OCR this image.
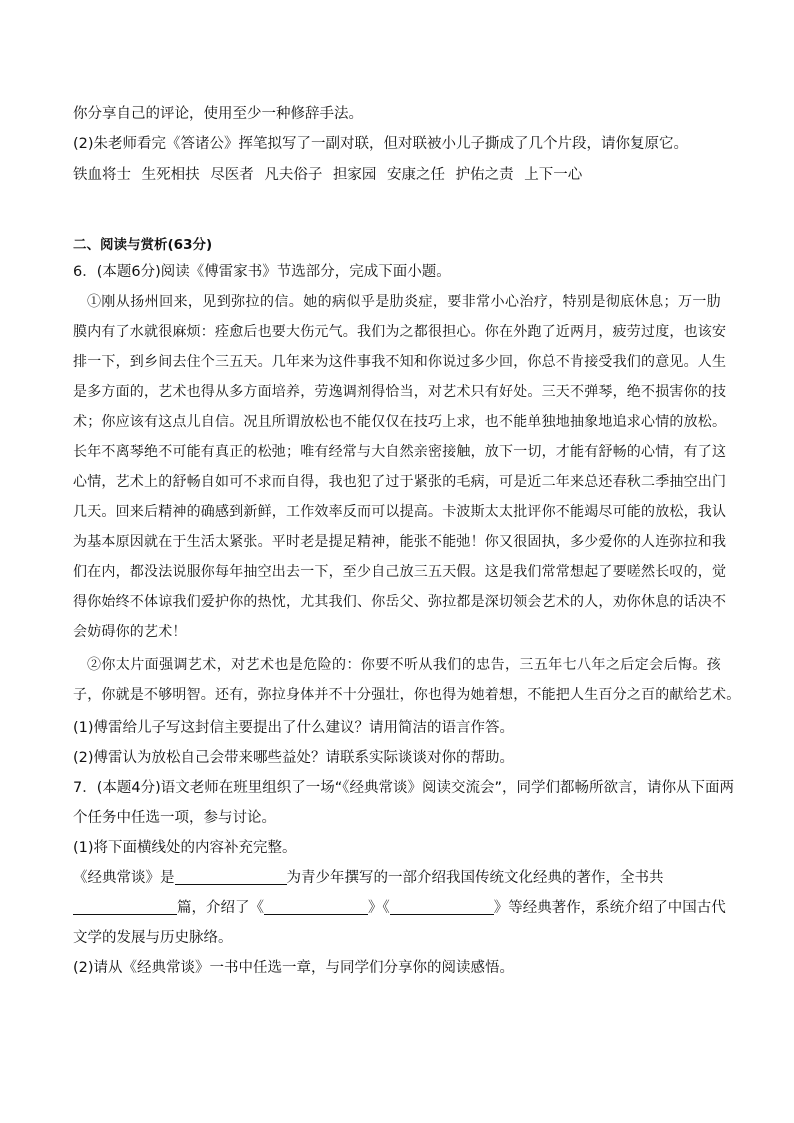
你分享自己的评论，使用至少一种修辞手法。
(2)朱老师看完《答诸公》挥笔拟写了一副对联，但对联被小儿子撕成了几个片段，请你复原它。
铁血将士 生死相扶 尽医者 凡夫俗子 担家园 安康之任 护佑之责 上下一心
二、阅读与赏析(63分)
6．(本题6分)阅读《傅雷家书》节选部分，完成下面小题。
①刚从扬州回来，见到弥拉的信。她的病似乎是肋炎症，要非常小心治疗，特别是彻底休息；万一肋
膜内有了水就很麻烦：痊愈后也要大伤元气。我们为之都很担心。你在外跑了近两月，疲劳过度，也该安
排一下，到乡间去住个三五天。几年来为这件事我不知和你说过多少回，你总不肯接受我们的意见。人生
是多方面的，艺术也得从多方面培养，劳逸调剂得恰当，对艺术只有好处。三天不弹琴，绝不损害你的技
术；你应该有这点儿自信。况且所谓放松也不能仅仅在技巧上求，也不能单独地抽象地追求心情的放松。
长年不离琴绝不可能有真正的松弛；唯有经常与大自然亲密接触，放下一切，才能有舒畅的心情，有了这
心情，艺术上的舒畅自如可不求而自得，我也犯了过于紧张的毛病，可是近二年来总还春秋二季抽空出门
几天。回来后精神的确感到新鲜，工作效率反而可以提高。卡波斯太太批评你不能竭尽可能的放松，我认
为基本原因就在于生活太紧张。平时老是提足精神，能张不能弛！你又很固执，多少爱你的人连弥拉和我
们在内，都没法说服你每年抽空出去一下，至少自己放三五天假。这是我们常常想起了要嗟然长叹的，觉
得你始终不体谅我们爱护你的热忱，尤其我们、你岳父、弥拉都是深切领会艺术的人，劝你休息的话决不
会妨碍你的艺术！
②你太片面强调艺术，对艺术也是危险的：你要不听从我们的忠告，三五年七八年之后定会后悔。孩
子，你就是不够明智。还有，弥拉身体并不十分强壮，你也得为她着想，不能把人生百分之百的献给艺术。
(1)傅雷给儿子写这封信主要提出了什么建议？请用简洁的语言作答。
(2)傅雷认为放松自己会带来哪些益处？请联系实际谈谈对你的帮助。
7．(本题4分)语文老师在班里组织了一场“《经典常谈》阅读交流会”，同学们都畅所欲言，请你从下面两
个任务中任选一项，参与讨论。
(1)将下面横线处的内容补充完整。
《经典常谈》是	为青少年撰写的一部介绍我国传统文化经典的著作，全书共
篇，介绍了《	》《	》等经典著作，系统介绍了中国古代
文学的发展与历史脉络。
(2)请从《经典常谈》一书中任选一章，与同学们分享你的阅读感悟。
